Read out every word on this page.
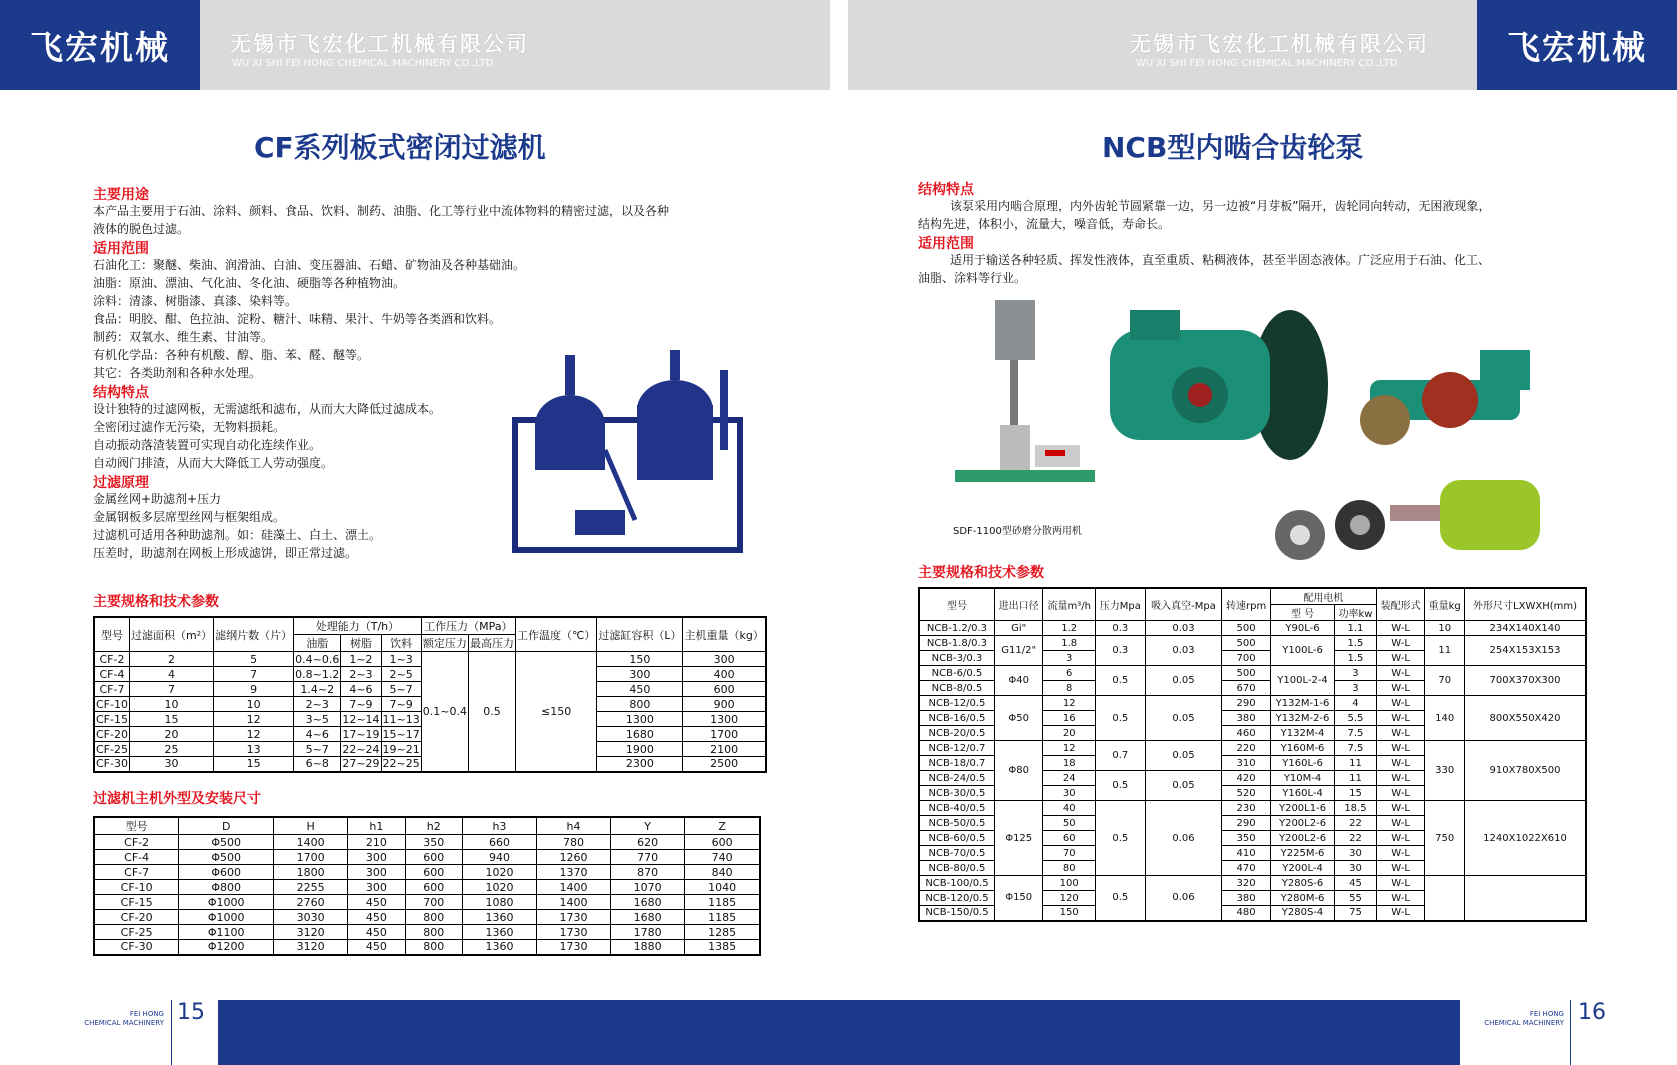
飞宏机械	飞宏机械
无锡市飞宏化工机械有限公司
WU XI SHI FEI HONG CHEMICAL MACHINERY CO.,LTD
无锡市飞宏化工机械有限公司
WU XI SHI FEI HONG CHEMICAL MACHINERY CO.,LTD
CF系列板式密闭过滤机
主要用途
本产品主要用于石油、涂料、颜料、食品、饮料、制药、油脂、化工等行业中流体物料的精密过滤，以及各种
液体的脱色过滤。
适用范围
石油化工：聚醚、柴油、润滑油、白油、变压器油、石蜡、矿物油及各种基础油。
油脂：原油、漂油、气化油、冬化油、硬脂等各种植物油。
涂料：清漆、树脂漆、真漆、染料等。
食品：明胶、酣、色拉油、淀粉、糖汁、味精、果汁、牛奶等各类酒和饮料。
制药：双氧水、维生素、甘油等。
有机化学品：各种有机酸、醇、脂、苯、醛、醚等。
其它：各类助剂和各种水处理。
结构特点
设计独特的过滤网板，无需滤纸和滤布，从而大大降低过滤成本。
全密闭过滤作无污染，无物料损耗。
自动振动落渣装置可实现自动化连续作业。
自动阀门排渣，从而大大降低工人劳动强度。
过滤原理
金属丝网+助滤剂+压力
金属钢板多层席型丝网与框架组成。
过滤机可适用各种助滤剂。如：硅藻土、白土、漂土。
压差时，助滤剂在网板上形成滤饼，即正常过滤。
主要规格和技术参数
型号	过滤面积（m²）	滤纲片数（片）	处理能力（T/h）			工作压力（MPa）		工作温度（℃）	过滤缸容积（L）	主机重量（kg）
			油脂	树脂	饮料	额定压力	最高压力			
CF-2	2	5	0.4~0.6	1~2	1~3	0.1~0.4	0.5	≤150	150	300
CF-4	4	7	0.8~1.2	2~3	2~5				300	400
CF-7	7	9	1.4~2	4~6	5~7				450	600
CF-10	10	10	2~3	7~9	7~9				800	900
CF-15	15	12	3~5	12~14	11~13				1300	1300
CF-20	20	12	4~6	17~19	15~17				1680	1700
CF-25	25	13	5~7	22~24	19~21				1900	2100
CF-30	30	15	6~8	27~29	22~25				2300	2500
过滤机主机外型及安装尺寸
型号	D	H	h1	h2	h3	h4	Y	Z
CF-2	Φ500	1400	210	350	660	780	620	600
CF-4	Φ500	1700	300	600	940	1260	770	740
CF-7	Φ600	1800	300	600	1020	1370	870	840
CF-10	Φ800	2255	300	600	1020	1400	1070	1040
CF-15	Φ1000	2760	450	700	1080	1400	1680	1185
CF-20	Φ1000	3030	450	800	1360	1730	1680	1185
CF-25	Φ1100	3120	450	800	1360	1730	1780	1285
CF-30	Φ1200	3120	450	800	1360	1730	1880	1385
NCB型内啮合齿轮泵
结构特点
该泵采用内啮合原理，内外齿轮节圆紧靠一边，另一边被“月芽板”隔开，齿轮同向转动，无困液现象，
结构先进，体积小，流量大，噪音低，寿命长。
适用范围
适用于输送各种轻质、挥发性液体，直至重质、粘稠液体，甚至半固态液体。广泛应用于石油、化工、
油脂、涂料等行业。
SDF-1100型砂磨分散两用机
主要规格和技术参数
型号	进出口径	流量m³/h	压力Mpa	吸入真空-Mpa	转速rpm	配用电机		装配形式	重量kg	外形尺寸LXWXH(mm)
						型 号	功率kw			
NCB-1.2/0.3	Gi"	1.2	0.3	0.03	500	Y90L-6	1.1	W-L	10	234X140X140
NCB-1.8/0.3	G11/2"	1.8	0.3	0.03	500	Y100L-6	1.5	W-L	11	254X153X153
NCB-3/0.3		3			700		1.5	W-L		
NCB-6/0.5	Φ40	6	0.5	0.05	500	Y100L-2-4	3	W-L	70	700X370X300
NCB-8/0.5		8			670		3	W-L		
NCB-12/0.5	Φ50	12	0.5	0.05	290	Y132M-1-6	4	W-L	140	800X550X420
NCB-16/0.5		16			380	Y132M-2-6	5.5	W-L		
NCB-20/0.5		20			460	Y132M-4	7.5	W-L		
NCB-12/0.7	Φ80	12	0.7	0.05	220	Y160M-6	7.5	W-L	330	910X780X500
NCB-18/0.7		18			310	Y160L-6	11	W-L		
NCB-24/0.5		24	0.5	0.05	420	Y10M-4	11	W-L		
NCB-30/0.5		30			520	Y160L-4	15	W-L		
NCB-40/0.5	Φ125	40	0.5	0.06	230	Y200L1-6	18.5	W-L	750	1240X1022X610
NCB-50/0.5		50			290	Y200L2-6	22	W-L		
NCB-60/0.5		60			350	Y200L2-6	22	W-L		
NCB-70/0.5		70			410	Y225M-6	30	W-L		
NCB-80/0.5		80			470	Y200L-4	30	W-L		
NCB-100/0.5	Φ150	100	0.5	0.06	320	Y280S-6	45	W-L		
NCB-120/0.5		120			380	Y280M-6	55	W-L		
NCB-150/0.5		150			480	Y280S-4	75	W-L		
FEI HONG
CHEMICAL MACHINERY 15	FEI HONG
CHEMICAL MACHINERY 16
